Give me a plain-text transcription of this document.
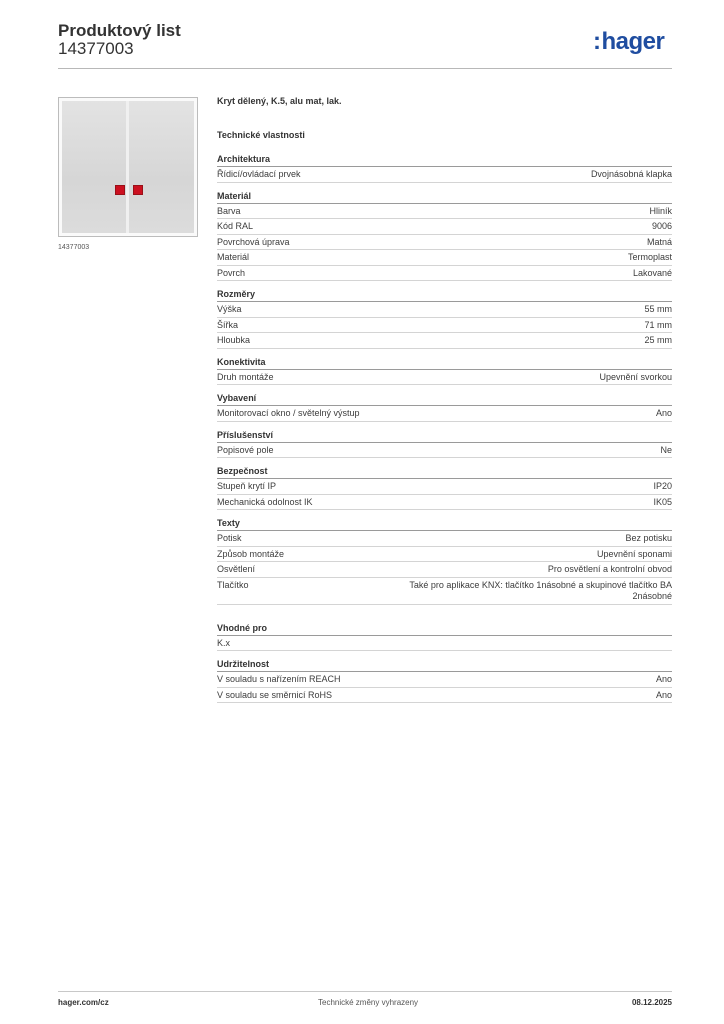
Produktový list
14377003	:hager
14377003
Kryt dělený, K.5, alu mat, lak.
Technické vlastnosti
Architektura
Řídicí/ovládací prvek	Dvojnásobná klapka
Materiál
Barva	Hliník
Kód RAL	9006
Povrchová úprava	Matná
Materiál	Termoplast
Povrch	Lakované
Rozměry
Výška	55 mm
Šířka	71 mm
Hloubka	25 mm
Konektivita
Druh montáže	Upevnění svorkou
Vybavení
Monitorovací okno / světelný výstup	Ano
Příslušenství
Popisové pole	Ne
Bezpečnost
Stupeň krytí IP	IP20
Mechanická odolnost IK	IK05
Texty
Potisk	Bez potisku
Způsob montáže	Upevnění sponami
Osvětlení	Pro osvětlení a kontrolní obvod
Tlačítko	Také pro aplikace KNX: tlačítko 1násobné a skupinové tlačítko BA 2násobné
Vhodné pro
K.x
Udržitelnost
V souladu s nařízením REACH	Ano
V souladu se směrnicí RoHS	Ano
hager.com/cz	Technické změny vyhrazeny	08.12.2025
